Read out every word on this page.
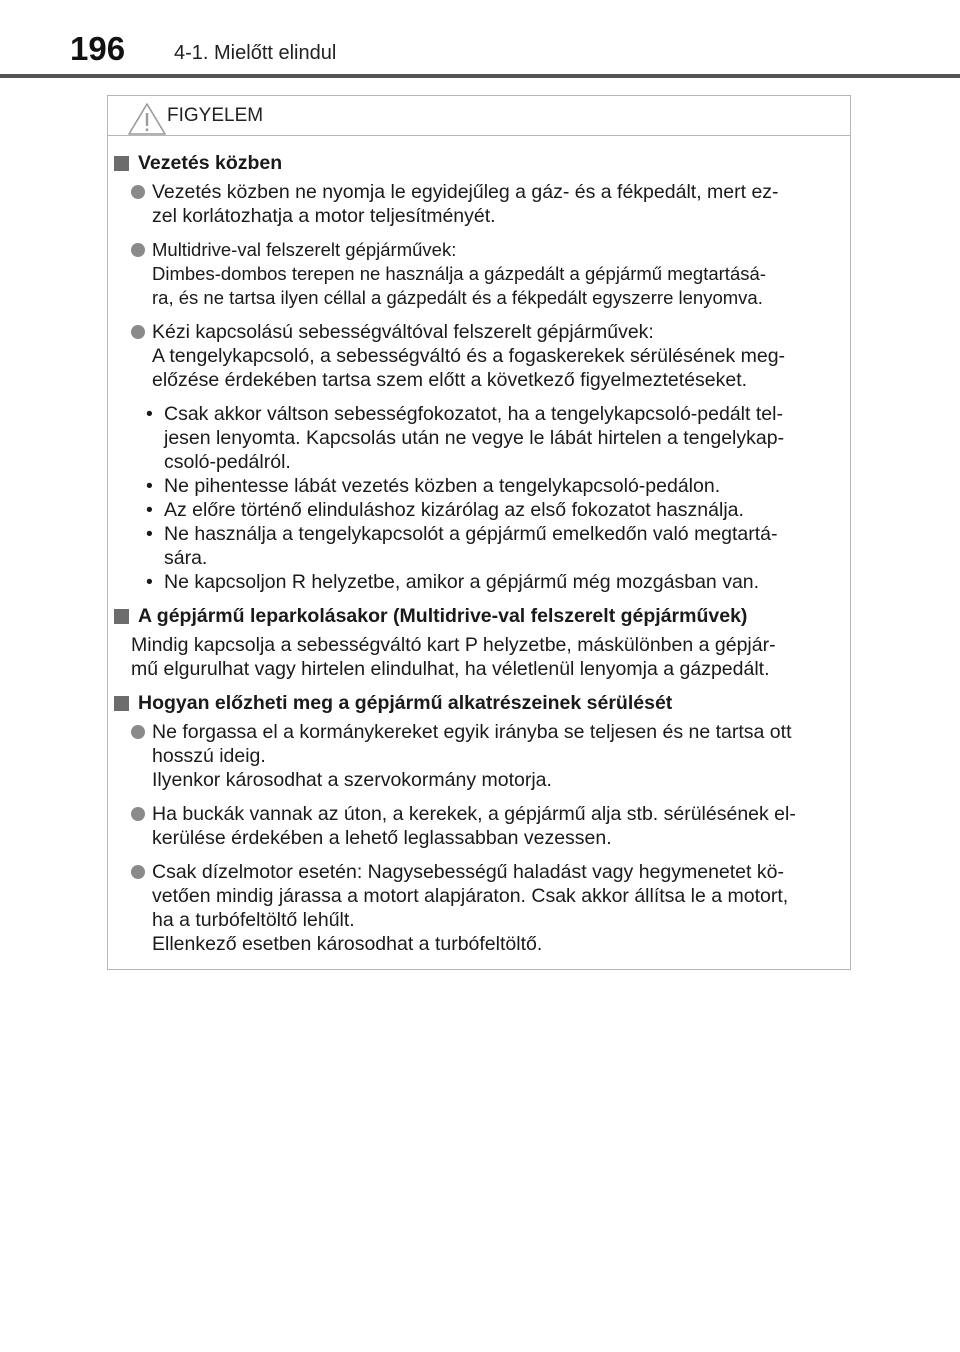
196 4-1. Mielőtt elindul
FIGYELEM
Vezetés közben
Vezetés közben ne nyomja le egyidejűleg a gáz- és a fékpedált, mert ez-
zel korlátozhatja a motor teljesítményét.
Multidrive-val felszerelt gépjárművek:
Dimbes-dombos terepen ne használja a gázpedált a gépjármű megtartásá-
ra, és ne tartsa ilyen céllal a gázpedált és a fékpedált egyszerre lenyomva.
Kézi kapcsolású sebességváltóval felszerelt gépjárművek:
A tengelykapcsoló, a sebességváltó és a fogaskerekek sérülésének meg-
előzése érdekében tartsa szem előtt a következő figyelmeztetéseket.
• Csak akkor váltson sebességfokozatot, ha a tengelykapcsoló-pedált tel-
jesen lenyomta. Kapcsolás után ne vegye le lábát hirtelen a tengelykap-
csoló-pedálról.
• Ne pihentesse lábát vezetés közben a tengelykapcsoló-pedálon.
• Az előre történő elinduláshoz kizárólag az első fokozatot használja.
• Ne használja a tengelykapcsolót a gépjármű emelkedőn való megtartá-
sára.
• Ne kapcsoljon R helyzetbe, amikor a gépjármű még mozgásban van.
A gépjármű leparkolásakor (Multidrive-val felszerelt gépjárművek)
Mindig kapcsolja a sebességváltó kart P helyzetbe, máskülönben a gépjár-
mű elgurulhat vagy hirtelen elindulhat, ha véletlenül lenyomja a gázpedált.
Hogyan előzheti meg a gépjármű alkatrészeinek sérülését
Ne forgassa el a kormánykereket egyik irányba se teljesen és ne tartsa ott
hosszú ideig.
Ilyenkor károsodhat a szervokormány motorja.
Ha buckák vannak az úton, a kerekek, a gépjármű alja stb. sérülésének el-
kerülése érdekében a lehető leglassabban vezessen.
Csak dízelmotor esetén: Nagysebességű haladást vagy hegymenetet kö-
vetően mindig járassa a motort alapjáraton. Csak akkor állítsa le a motort,
ha a turbófeltöltő lehűlt.
Ellenkező esetben károsodhat a turbófeltöltő.
